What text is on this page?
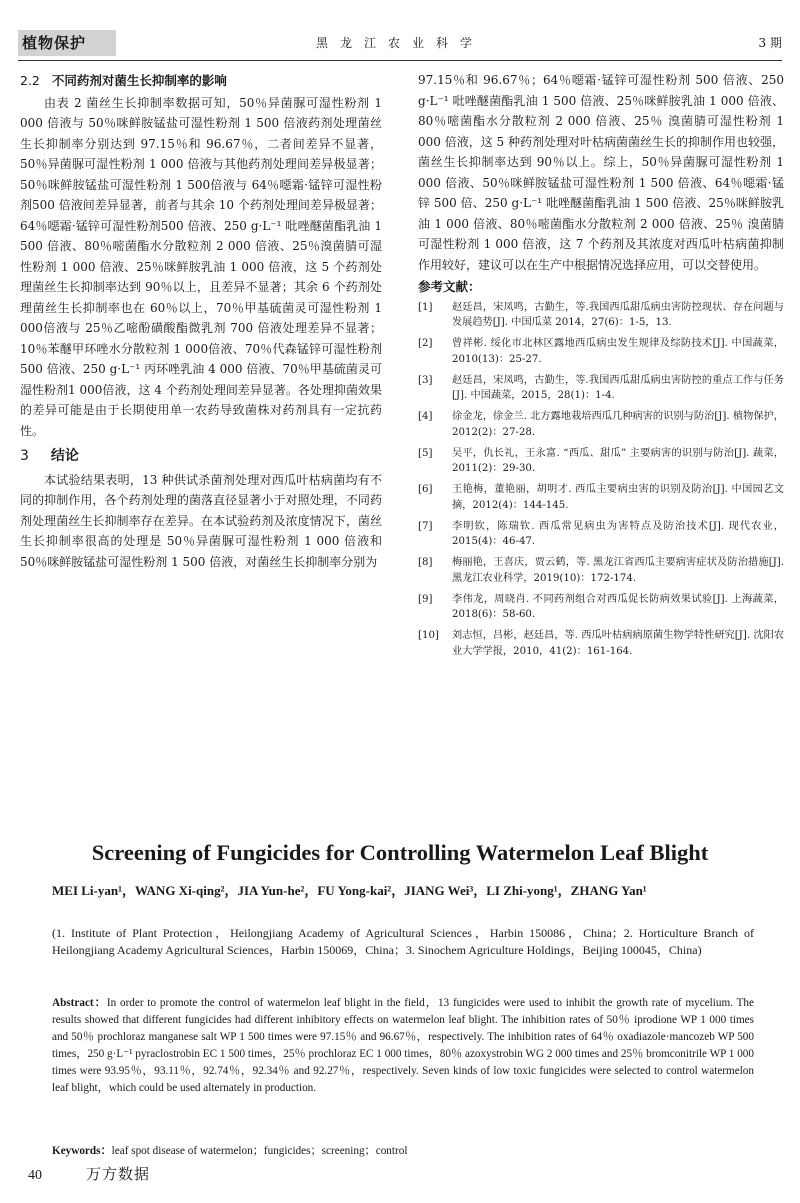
黑龙江农业科学
植物保护	3 期
2.2 不同药剂对菌生长抑制率的影响

由表 2 菌丝生长抑制率数据可知，50％异菌脲可湿性粉剂 1 000 倍液与 50％咪鲜胺锰盐可湿性粉剂 1 500 倍液药剂处理菌丝生长抑制率分别达到 97.15％和 96.67％，二者间差异不显著，50％异菌脲可湿性粉剂 1 000 倍液与其他药剂处理间差异极显著；50％咪鲜胺锰盐可湿性粉剂 1 500倍液与 64％噁霜·锰锌可湿性粉剂500 倍液间差异显著，前者与其余 10 个药剂处理间差异极显著；64％噁霜·锰锌可湿性粉剂500 倍液、250 g·L⁻¹ 吡唑醚菌酯乳油 1 500 倍液、80％嘧菌酯水分散粒剂 2 000 倍液、25％溴菌腈可湿性粉剂 1 000 倍液、25％咪鲜胺乳油 1 000 倍液，这 5 个药剂处理菌丝生长抑制率达到 90％以上，且差异不显著；其余 6 个药剂处理菌丝生长抑制率也在 60％以上，70％甲基硫菌灵可湿性粉剂 1 000倍液与 25％乙嘧酚磺酸酯微乳剂 700 倍液处理差异不显著；10％苯醚甲环唑水分散粒剂 1 000倍液、70％代森锰锌可湿性粉剂 500 倍液、250 g·L⁻¹ 丙环唑乳油 4 000 倍液、70％甲基硫菌灵可湿性粉剂1 000倍液，这 4 个药剂处理间差异显著。各处理抑菌效果的差异可能是由于长期使用单一农药导致菌株对药剂具有一定抗药性。

3 结论

本试验结果表明，13 种供试杀菌剂处理对西瓜叶枯病菌均有不同的抑制作用，各个药剂处理的菌落直径显著小于对照处理，不同药剂处理菌丝生长抑制率存在差异。在本试验药剂及浓度情况下，菌丝生长抑制率很高的处理是 50％异菌脲可湿性粉剂 1 000 倍液和 50％咪鲜胺锰盐可湿性粉剂 1 500 倍液，对菌丝生长抑制率分别为

97.15％和 96.67％；64％噁霜·锰锌可湿性粉剂 500 倍液、250 g·L⁻¹ 吡唑醚菌酯乳油 1 500 倍液、25％咪鲜胺乳油 1 000 倍液、80％嘧菌酯水分散粒剂 2 000 倍液、25％ 溴菌腈可湿性粉剂 1 000 倍液，这 5 种药剂处理对叶枯病菌菌丝生长的抑制作用也较强，菌丝生长抑制率达到 90％以上。综上，50％异菌脲可湿性粉剂 1 000 倍液、50％咪鲜胺锰盐可湿性粉剂 1 500 倍液、64％噁霜·锰锌 500 倍、250 g·L⁻¹ 吡唑醚菌酯乳油 1 500 倍液、25％咪鲜胺乳油 1 000 倍液、80％嘧菌酯水分散粒剂 2 000 倍液、25％ 溴菌腈可湿性粉剂 1 000 倍液，这 7 个药剂及其浓度对西瓜叶枯病菌抑制作用较好，建议可以在生产中根据情况选择应用，可以交替使用。

参考文献：
[1] 赵廷昌，宋凤鸣，古勤生，等.我国西瓜甜瓜病虫害防控现状、存在问题与发展趋势[J]. 中国瓜菜 2014，27(6)：1-5，13.
[2] 曾祥彬. 绥化市北林区露地西瓜病虫发生规律及综防技术[J]. 中国蔬菜，2010(13)：25-27.
[3] 赵廷昌，宋凤鸣，古勤生，等.我国西瓜甜瓜病虫害防控的重点工作与任务[J]. 中国蔬菜，2015，28(1)：1-4.
[4] 徐金龙，徐金兰. 北方露地栽培西瓜几种病害的识别与防治[J]. 植物保护，2012(2)：27-28.
[5] 吴平，仇长礼，王永富. “西瓜、甜瓜” 主要病害的识别与防治[J]. 蔬菜，2011(2)：29-30.
[6] 王艳梅，董艳丽，胡明才. 西瓜主要病虫害的识别及防治[J]. 中国园艺文摘，2012(4)：144-145.
[7] 李明钦，陈瑞钦. 西瓜常见病虫为害特点及防治技术[J]. 现代农业，2015(4)：46-47.
[8] 梅丽艳，王喜庆，贾云鹤，等. 黑龙江省西瓜主要病害症状及防治措施[J]. 黑龙江农业科学，2019(10)：172-174.
[9] 李伟龙，周晓肖. 不同药剂组合对西瓜促长防病效果试验[J]. 上海蔬菜，2018(6)：58-60.
[10] 刘志恒，吕彬，赵廷昌，等. 西瓜叶枯病病原菌生物学特性研究[J]. 沈阳农业大学学报，2010，41(2)：161-164.
Screening of Fungicides for Controlling Watermelon Leaf Blight
MEI Li-yan¹，WANG Xi-qing²，JIA Yun-he²，FU Yong-kai²，JIANG Wei³，LI Zhi-yong¹，ZHANG Yan¹
(1. Institute of Plant Protection，Heilongjiang Academy of Agricultural Sciences，Harbin 150086，China；2. Horticulture Branch of Heilongjiang Academy Agricultural Sciences，Harbin 150069，China；3. Sinochem Agriculture Holdings，Beijing 100045，China)
Abstract：In order to promote the control of watermelon leaf blight in the field，13 fungicides were used to inhibit the growth rate of mycelium. The results showed that different fungicides had different inhibitory effects on watermelon leaf blight. The inhibition rates of 50％ iprodione WP 1 000 times and 50％ prochloraz manganese salt WP 1 500 times were 97.15％ and 96.67％，respectively. The inhibition rates of 64％ oxadiazole·mancozeb WP 500 times，250 g·L⁻¹ pyraclostrobin EC 1 500 times，25％ prochloraz EC 1 000 times，80％ azoxystrobin WG 2 000 times and 25％ bromconitrile WP 1 000 times were 93.95％，93.11％，92.74％，92.34％ and 92.27％，respectively. Seven kinds of low toxic fungicides were selected to control watermelon leaf blight，which could be used alternately in production.
Keywords：leaf spot disease of watermelon；fungicides；screening；control
40	万方数据
